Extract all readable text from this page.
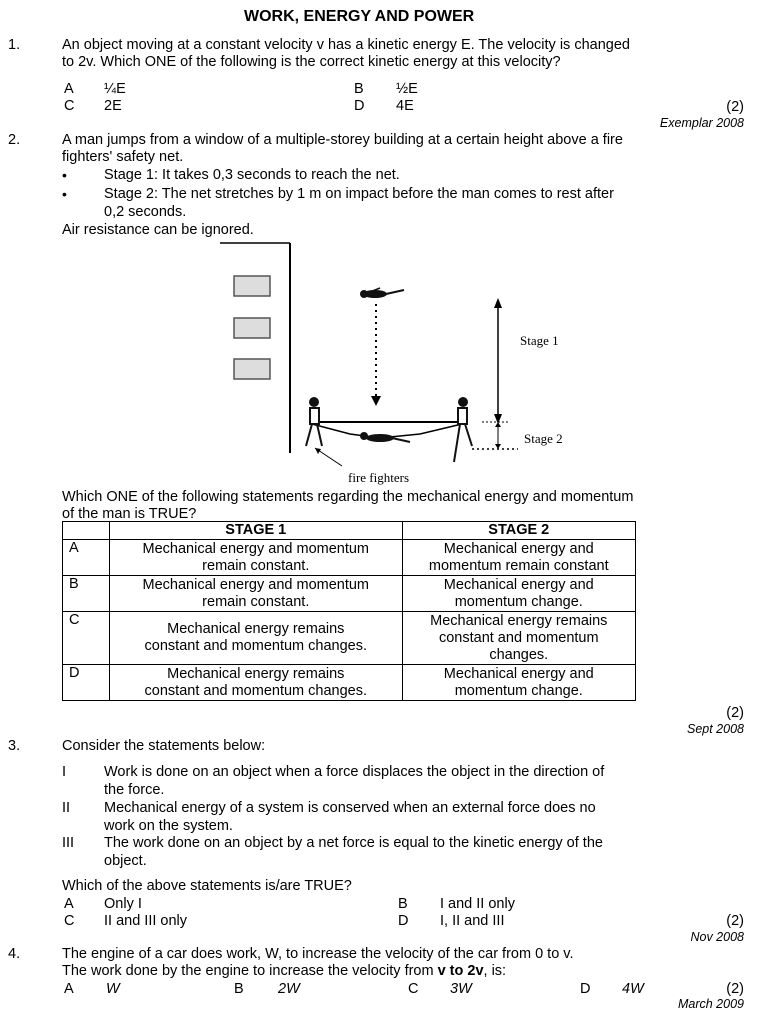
WORK, ENERGY AND POWER
1.	An object moving at a constant velocity v has a kinetic energy E. The velocity is changed
to 2v. Which ONE of the following is the correct kinetic energy at this velocity?
A ¼E	B ½E
C 2E	D 4E	(2)
Exemplar 2008
2.	A man jumps from a window of a multiple-storey building at a certain height above a fire
fighters' safety net.
•	Stage 1: It takes 0,3 seconds to reach the net.
•	Stage 2: The net stretches by 1 m on impact before the man comes to rest after
0,2 seconds.
Air resistance can be ignored.
Stage 1
Stage 2
fire fighters
Which ONE of the following statements regarding the mechanical energy and momentum
of the man is TRUE?
	STAGE 1	STAGE 2
A	Mechanical energy and momentum
remain constant.	Mechanical energy and
momentum remain constant
B	Mechanical energy and momentum
remain constant.	Mechanical energy and
momentum change.
C	Mechanical energy remains
constant and momentum changes.	Mechanical energy remains
constant and momentum
changes.
D	Mechanical energy remains
constant and momentum changes.	Mechanical energy and
momentum change.
(2)
Sept 2008
3.	Consider the statements below:
I	Work is done on an object when a force displaces the object in the direction of
the force.
II Mechanical energy of a system is conserved when an external force does no
work on the system.
III The work done on an object by a net force is equal to the kinetic energy of the
object.
Which of the above statements is/are TRUE?
A Only I	B I and II only
C II and III only	D I, II and III	(2)
Nov 2008
4.	The engine of a car does work, W, to increase the velocity of the car from 0 to v.
The work done by the engine to increase the velocity from v to 2v, is:
A W	B 2W	C 3W	D 4W	(2)
March 2009
